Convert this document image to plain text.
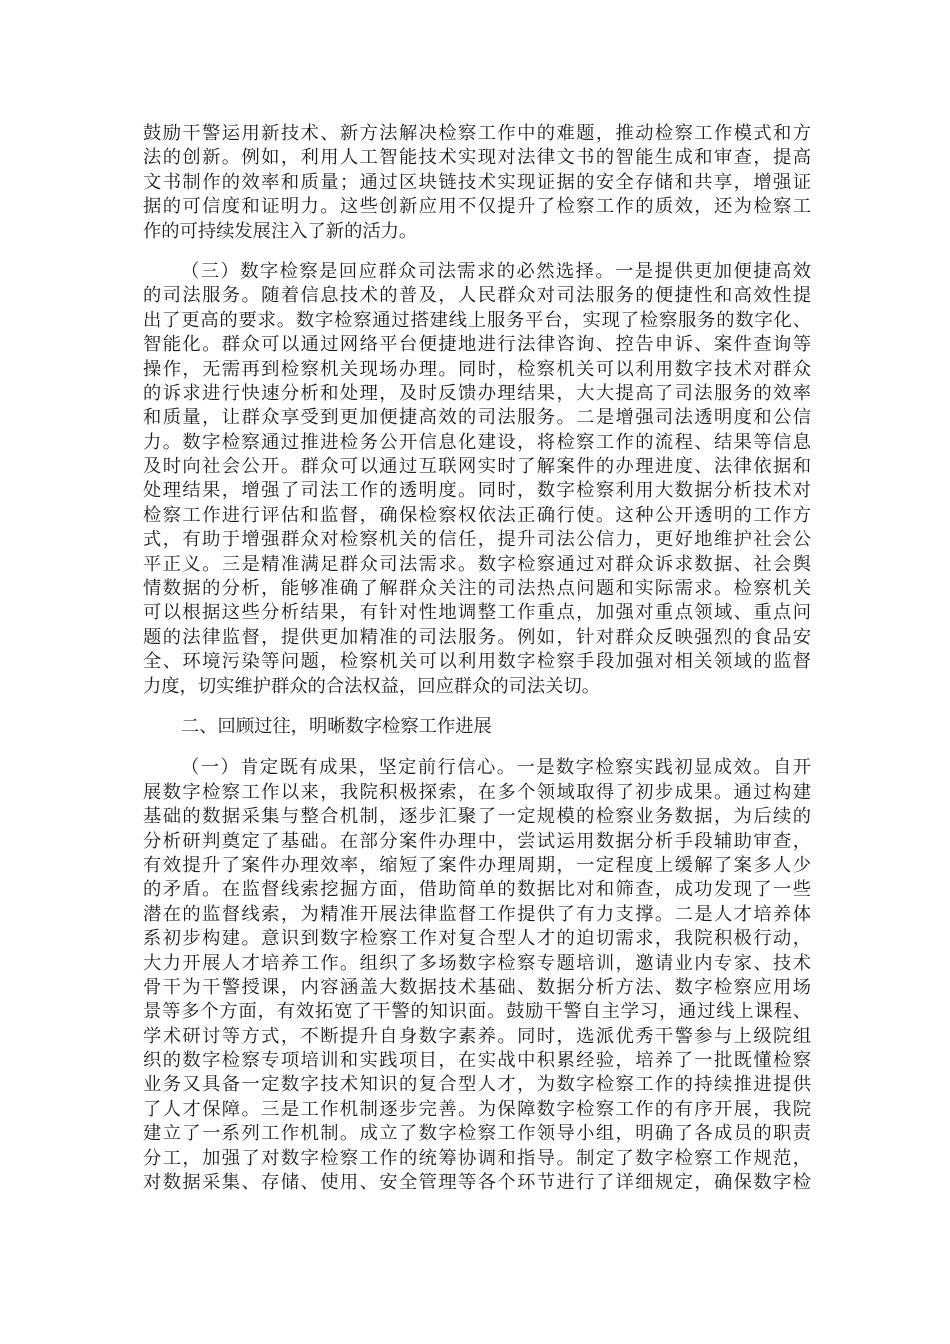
鼓励干警运用新技术、新方法解决检察工作中的难题，推动检察工作模式和方
法的创新。例如，利用人工智能技术实现对法律文书的智能生成和审查，提高
文书制作的效率和质量；通过区块链技术实现证据的安全存储和共享，增强证
据的可信度和证明力。这些创新应用不仅提升了检察工作的质效，还为检察工
作的可持续发展注入了新的活力。
（三）数字检察是回应群众司法需求的必然选择。一是提供更加便捷高效
的司法服务。随着信息技术的普及，人民群众对司法服务的便捷性和高效性提
出了更高的要求。数字检察通过搭建线上服务平台，实现了检察服务的数字化、
智能化。群众可以通过网络平台便捷地进行法律咨询、控告申诉、案件查询等
操作，无需再到检察机关现场办理。同时，检察机关可以利用数字技术对群众
的诉求进行快速分析和处理，及时反馈办理结果，大大提高了司法服务的效率
和质量，让群众享受到更加便捷高效的司法服务。二是增强司法透明度和公信
力。数字检察通过推进检务公开信息化建设，将检察工作的流程、结果等信息
及时向社会公开。群众可以通过互联网实时了解案件的办理进度、法律依据和
处理结果，增强了司法工作的透明度。同时，数字检察利用大数据分析技术对
检察工作进行评估和监督，确保检察权依法正确行使。这种公开透明的工作方
式，有助于增强群众对检察机关的信任，提升司法公信力，更好地维护社会公
平正义。三是精准满足群众司法需求。数字检察通过对群众诉求数据、社会舆
情数据的分析，能够准确了解群众关注的司法热点问题和实际需求。检察机关
可以根据这些分析结果，有针对性地调整工作重点，加强对重点领域、重点问
题的法律监督，提供更加精准的司法服务。例如，针对群众反映强烈的食品安
全、环境污染等问题，检察机关可以利用数字检察手段加强对相关领域的监督
力度，切实维护群众的合法权益，回应群众的司法关切。
二、回顾过往，明晰数字检察工作进展
（一）肯定既有成果，坚定前行信心。一是数字检察实践初显成效。自开
展数字检察工作以来，我院积极探索，在多个领域取得了初步成果。通过构建
基础的数据采集与整合机制，逐步汇聚了一定规模的检察业务数据，为后续的
分析研判奠定了基础。在部分案件办理中，尝试运用数据分析手段辅助审查，
有效提升了案件办理效率，缩短了案件办理周期，一定程度上缓解了案多人少
的矛盾。在监督线索挖掘方面，借助简单的数据比对和筛查，成功发现了一些
潜在的监督线索，为精准开展法律监督工作提供了有力支撑。二是人才培养体
系初步构建。意识到数字检察工作对复合型人才的迫切需求，我院积极行动，
大力开展人才培养工作。组织了多场数字检察专题培训，邀请业内专家、技术
骨干为干警授课，内容涵盖大数据技术基础、数据分析方法、数字检察应用场
景等多个方面，有效拓宽了干警的知识面。鼓励干警自主学习，通过线上课程、
学术研讨等方式，不断提升自身数字素养。同时，选派优秀干警参与上级院组
织的数字检察专项培训和实践项目，在实战中积累经验，培养了一批既懂检察
业务又具备一定数字技术知识的复合型人才，为数字检察工作的持续推进提供
了人才保障。三是工作机制逐步完善。为保障数字检察工作的有序开展，我院
建立了一系列工作机制。成立了数字检察工作领导小组，明确了各成员的职责
分工，加强了对数字检察工作的统筹协调和指导。制定了数字检察工作规范，
对数据采集、存储、使用、安全管理等各个环节进行了详细规定，确保数字检
